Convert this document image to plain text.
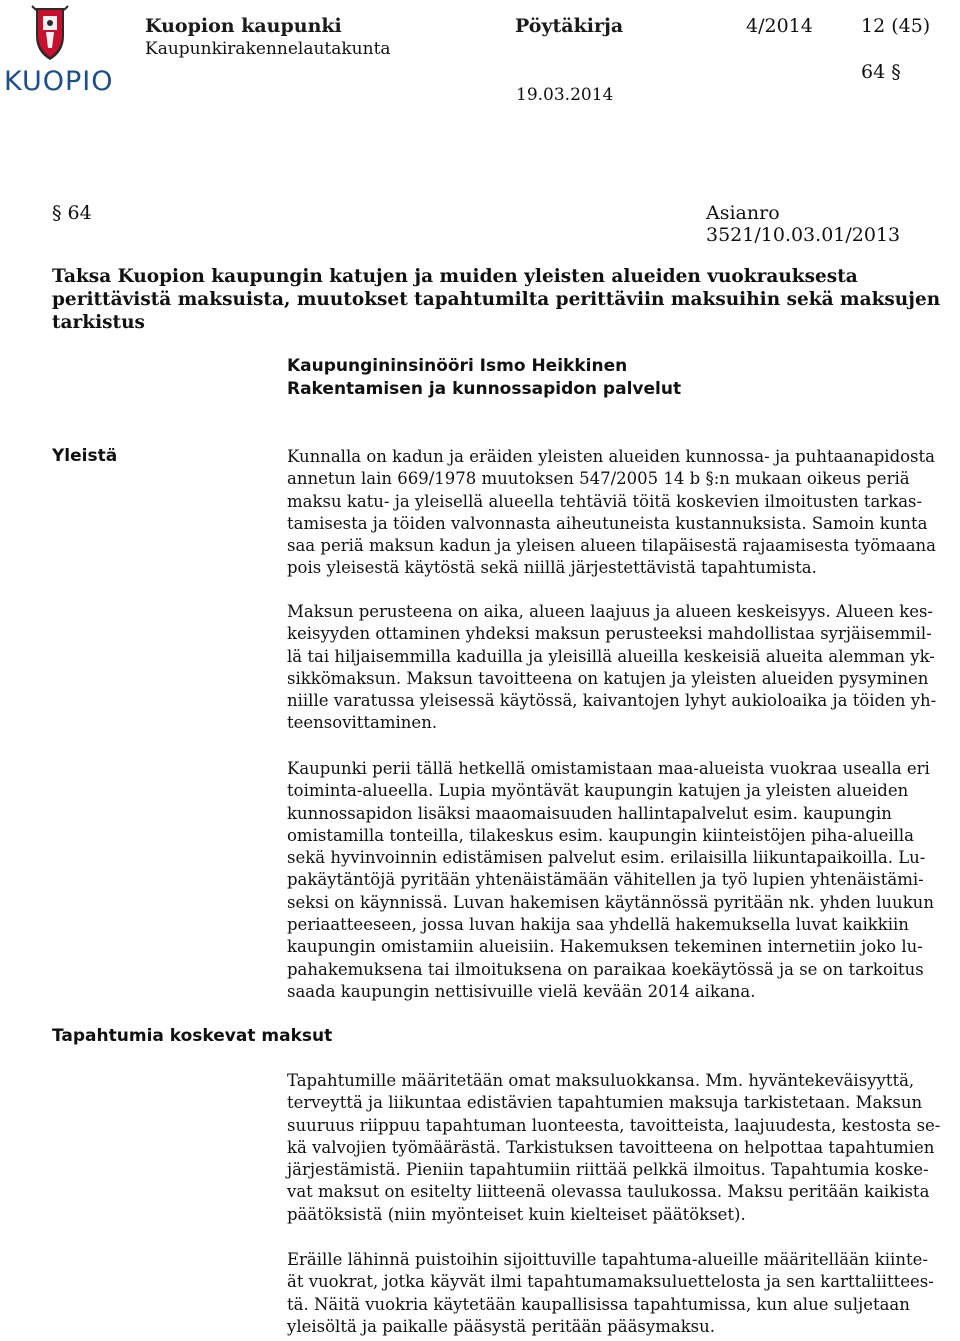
KUOPIO
Kuopion kaupunki
Kaupunkirakennelautakunta
Pöytäkirja	4/2014	12 (45)
64 §
19.03.2014
§ 64	Asianro 3521/10.03.01/2013
Taksa Kuopion kaupungin katujen ja muiden yleisten alueiden vuokrauksesta perittävistä maksuista, muutokset tapahtumilta perittäviin maksuihin sekä maksujen tarkistus
Kaupungininsinööri Ismo Heikkinen
Rakentamisen ja kunnossapidon palvelut
Yleistä
Tapahtumia koskevat maksut

Kunnalla on kadun ja eräiden yleisten alueiden kunnossa- ja puhtaanapidosta
annetun lain 669/1978 muutoksen 547/2005 14 b §:n mukaan oikeus periä
maksu katu- ja yleisellä alueella tehtäviä töitä koskevien ilmoitusten tarkas-
tamisesta ja töiden valvonnasta aiheutuneista kustannuksista. Samoin kunta
saa periä maksun kadun ja yleisen alueen tilapäisestä rajaamisesta työmaana
pois yleisestä käytöstä sekä niillä järjestettävistä tapahtumista.

Maksun perusteena on aika, alueen laajuus ja alueen keskeisyys. Alueen kes-
keisyyden ottaminen yhdeksi maksun perusteeksi mahdollistaa syrjäisemmil-
lä tai hiljaisemmilla kaduilla ja yleisillä alueilla keskeisiä alueita alemman yk-
sikkömaksun. Maksun tavoitteena on katujen ja yleisten alueiden pysyminen
niille varatussa yleisessä käytössä, kaivantojen lyhyt aukioloaika ja töiden yh-
teensovittaminen.

Kaupunki perii tällä hetkellä omistamistaan maa-alueista vuokraa usealla eri
toiminta-alueella. Lupia myöntävät kaupungin katujen ja yleisten alueiden
kunnossapidon lisäksi maaomaisuuden hallintapalvelut esim. kaupungin
omistamilla tonteilla, tilakeskus esim. kaupungin kiinteistöjen piha-alueilla
sekä hyvinvoinnin edistämisen palvelut esim. erilaisilla liikuntapaikoilla. Lu-
pakäytäntöjä pyritään yhtenäistämään vähitellen ja työ lupien yhtenäistämi-
seksi on käynnissä. Luvan hakemisen käytännössä pyritään nk. yhden luukun
periaatteeseen, jossa luvan hakija saa yhdellä hakemuksella luvat kaikkiin
kaupungin omistamiin alueisiin. Hakemuksen tekeminen internetiin joko lu-
pahakemuksena tai ilmoituksena on paraikaa koekäytössä ja se on tarkoitus
saada kaupungin nettisivuille vielä kevään 2014 aikana.

Tapahtumille määritetään omat maksuluokkansa. Mm. hyväntekeväisyyttä,
terveyttä ja liikuntaa edistävien tapahtumien maksuja tarkistetaan. Maksun
suuruus riippuu tapahtuman luonteesta, tavoitteista, laajuudesta, kestosta se-
kä valvojien työmäärästä. Tarkistuksen tavoitteena on helpottaa tapahtumien
järjestämistä. Pieniin tapahtumiin riittää pelkkä ilmoitus. Tapahtumia koske-
vat maksut on esitelty liitteenä olevassa taulukossa. Maksu peritään kaikista
päätöksistä (niin myönteiset kuin kielteiset päätökset).

Eräille lähinnä puistoihin sijoittuville tapahtuma-alueille määritellään kiinte-
ät vuokrat, jotka käyvät ilmi tapahtumamaksuluettelosta ja sen karttaliittees-
tä. Näitä vuokria käytetään kaupallisissa tapahtumissa, kun alue suljetaan
yleisöltä ja paikalle pääsystä peritään pääsymaksu.
